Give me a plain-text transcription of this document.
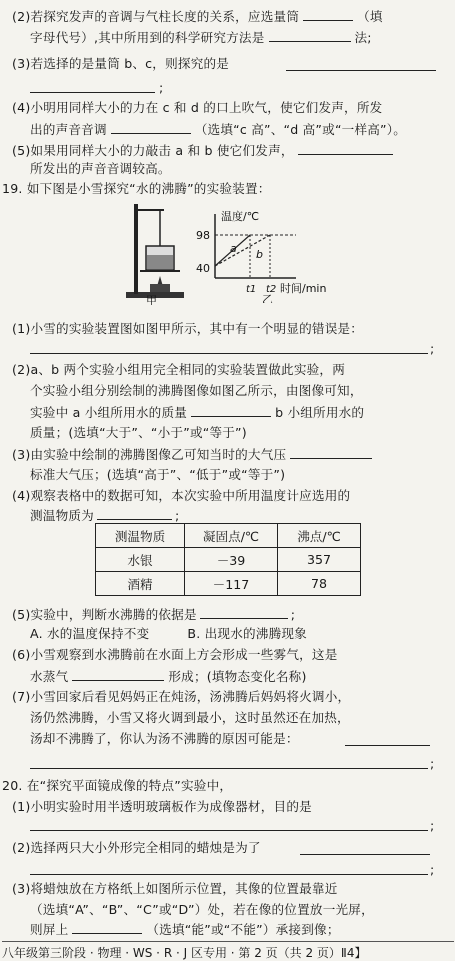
(2)若探究发声的音调与气柱长度的关系，应选量筒	（填
字母代号）,其中所用到的科学研究方法是	法;
(3)若选择的是量筒 b、c，则探究的是
;
(4)小明用同样大小的力在 c 和 d 的口上吹气，使它们发声，所发
出的声音音调	（选填“c 高”、“d 高”或“一样高”）。
(5)如果用同样大小的力敲击 a 和 b 使它们发声，
所发出的声音音调较高。
19. 如下图是小雪探究“水的沸腾”的实验装置：
甲
温度/℃
98
40
a b
t1 t2 时间/min
乙
(1)小雪的实验装置图如图甲所示，其中有一个明显的错误是：
;
(2)a、b 两个实验小组用完全相同的实验装置做此实验，两
个实验小组分别绘制的沸腾图像如图乙所示，由图像可知，
实验中 a 小组所用水的质量	b 小组所用水的
质量；(选填“大于”、“小于”或“等于”)
(3)由实验中绘制的沸腾图像乙可知当时的大气压
标准大气压；(选填“高于”、“低于”或“等于”)
(4)观察表格中的数据可知，本次实验中所用温度计应选用的
测温物质为	;
测温物质	凝固点/℃	沸点/℃
水银	－39	357
酒精	－117	78
(5)实验中，判断水沸腾的依据是	;
A. 水的温度保持不变	B. 出现水的沸腾现象
(6)小雪观察到水沸腾前在水面上方会形成一些雾气，这是
水蒸气	形成；(填物态变化名称)
(7)小雪回家后看见妈妈正在炖汤，汤沸腾后妈妈将火调小，
汤仍然沸腾，小雪又将火调到最小，这时虽然还在加热，
汤却不沸腾了，你认为汤不沸腾的原因可能是：
;
20. 在“探究平面镜成像的特点”实验中，
(1)小明实验时用半透明玻璃板作为成像器材，目的是
;
(2)选择两只大小外形完全相同的蜡烛是为了
;
(3)将蜡烛放在方格纸上如图所示位置，其像的位置最靠近
（选填“A”、“B”、“C”或“D”）处，若在像的位置放一光屏，
则屏上	（选填“能”或“不能”）承接到像；
八年级第三阶段 · 物理 · WS · R · J 区专用 · 第 2 页（共 2 页）Ⅱ4】
